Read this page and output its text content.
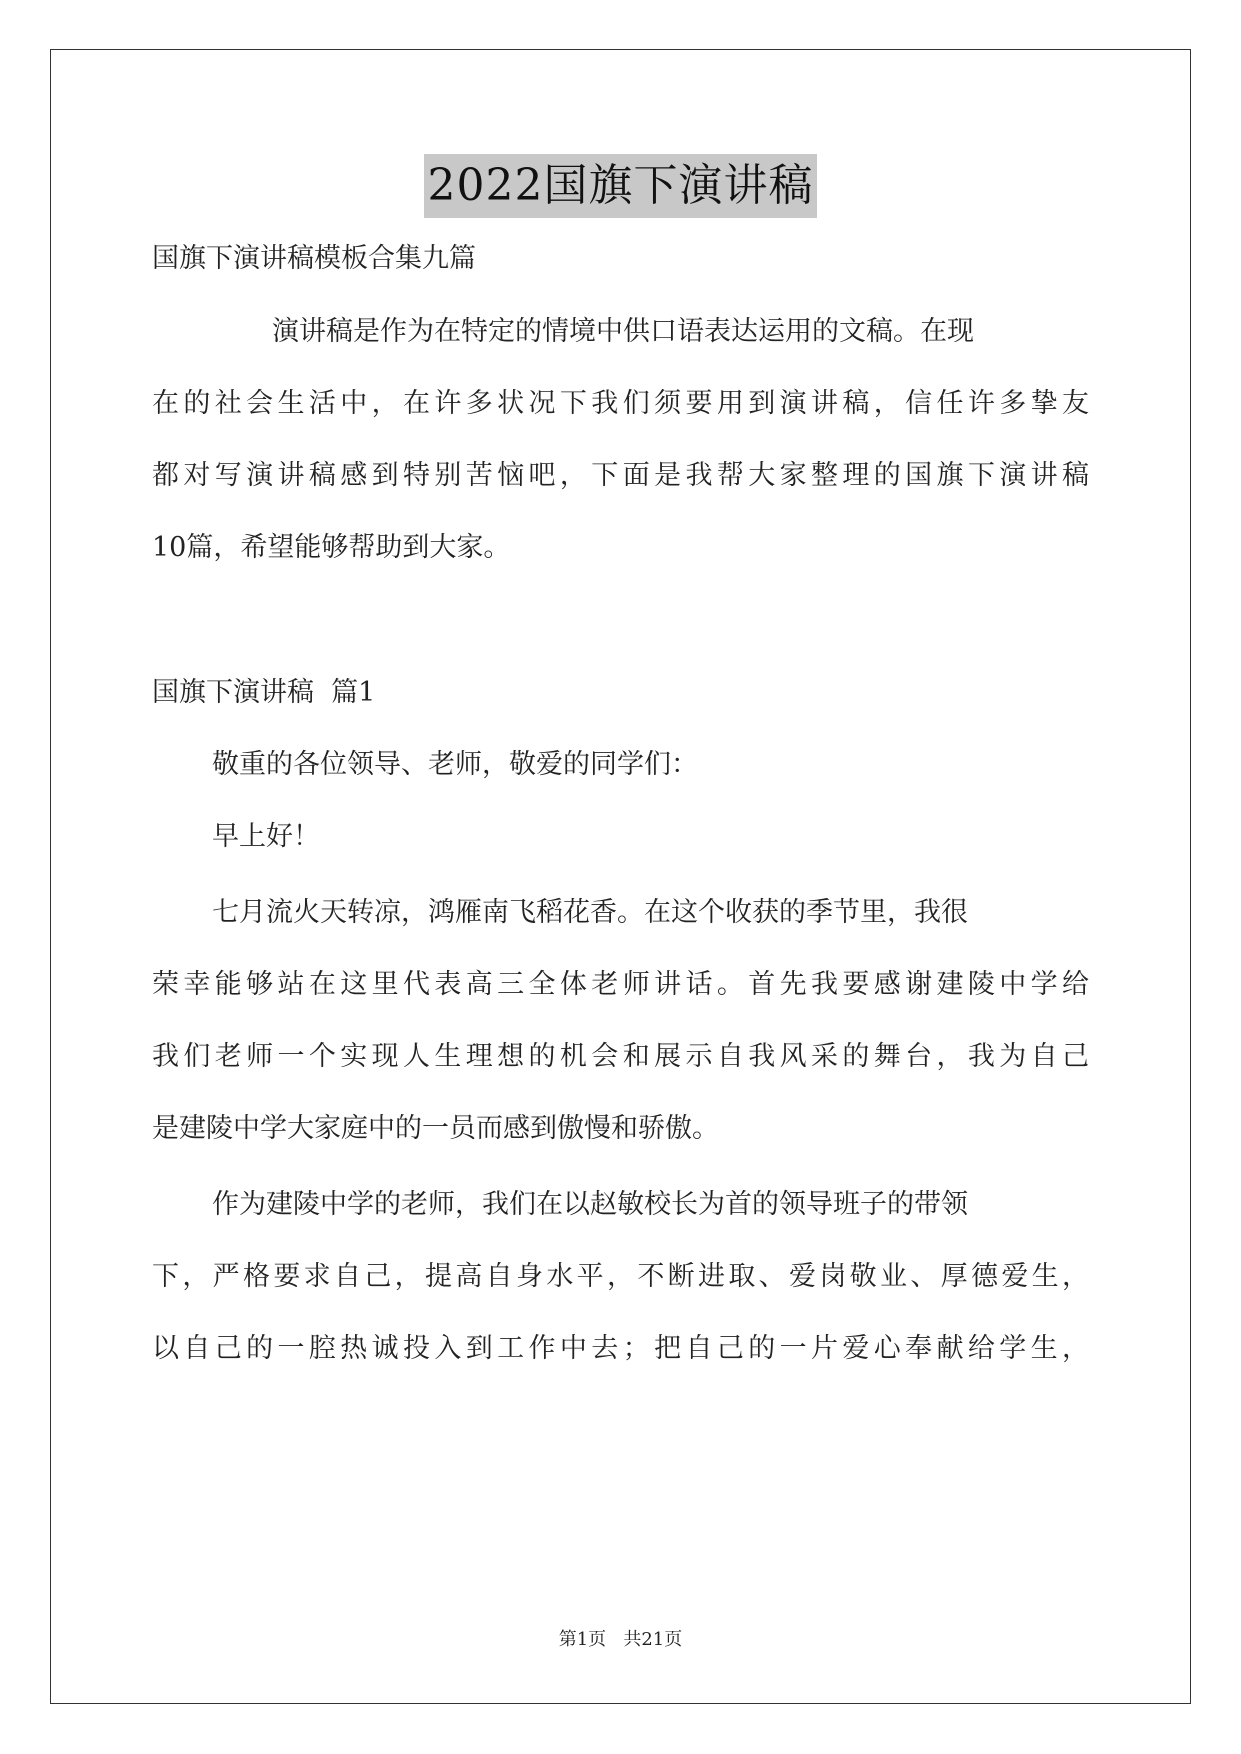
2022国旗下演讲稿
国旗下演讲稿模板合集九篇
演讲稿是作为在特定的情境中供口语表达运用的文稿。在现
在的社会生活中，在许多状况下我们须要用到演讲稿，信任许多挚友
都对写演讲稿感到特别苦恼吧，下面是我帮大家整理的国旗下演讲稿
10篇，希望能够帮助到大家。
国旗下演讲稿  篇1
敬重的各位领导、老师，敬爱的同学们：
早上好！
七月流火天转凉，鸿雁南飞稻花香。在这个收获的季节里，我很
荣幸能够站在这里代表高三全体老师讲话。首先我要感谢建陵中学给
我们老师一个实现人生理想的机会和展示自我风采的舞台，我为自己
是建陵中学大家庭中的一员而感到傲慢和骄傲。
作为建陵中学的老师，我们在以赵敏校长为首的领导班子的带领
下，严格要求自己，提高自身水平，不断进取、爱岗敬业、厚德爱生，
以自己的一腔热诚投入到工作中去；把自己的一片爱心奉献给学生，
第1页   共21页
